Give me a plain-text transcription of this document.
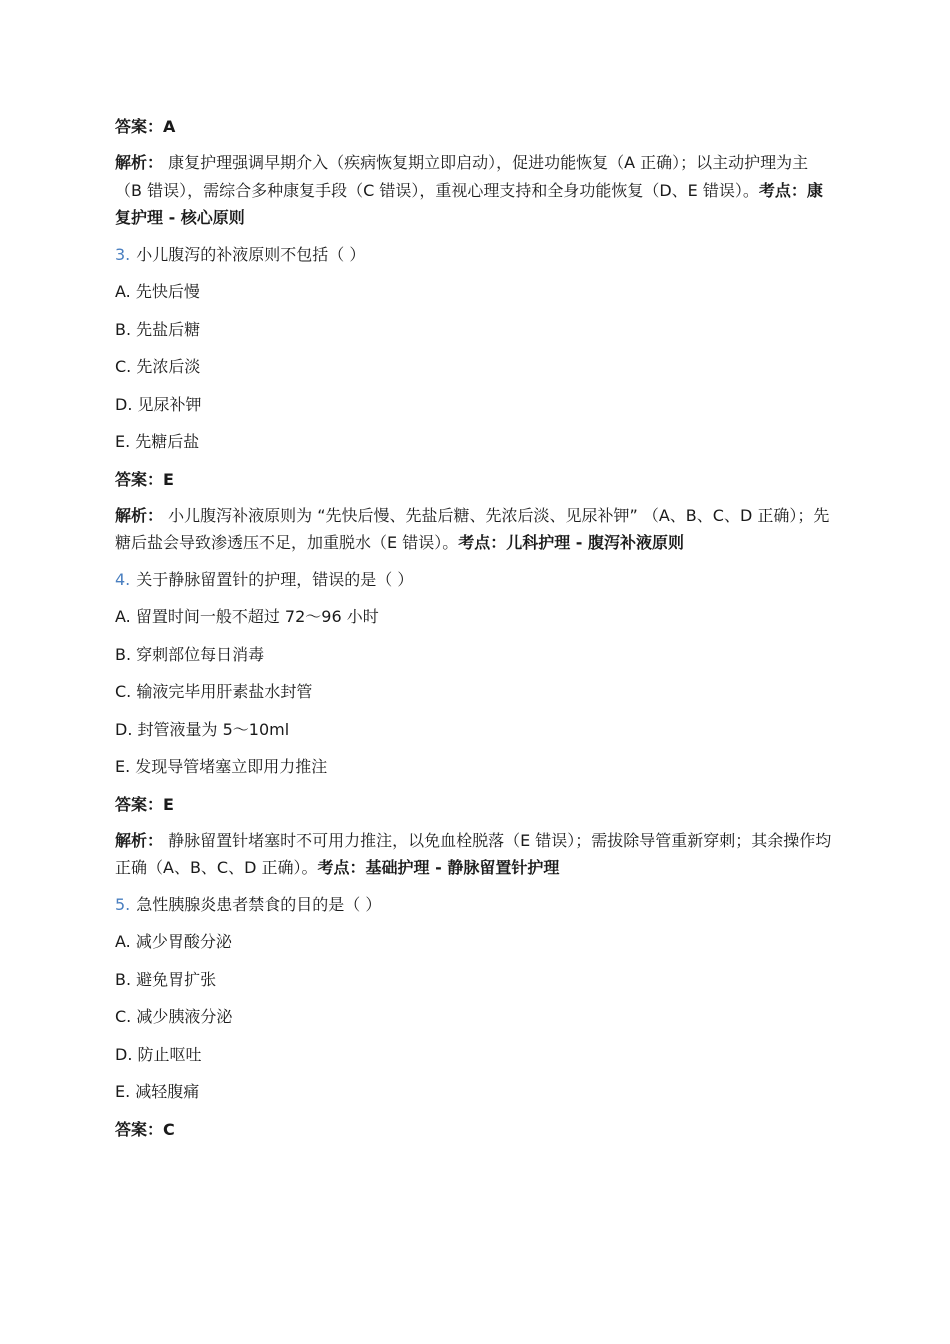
答案：A

解析： 康复护理强调早期介入（疾病恢复期立即启动），促进功能恢复（A 正确）；以主动护理为主（B 错误），需综合多种康复手段（C 错误），重视心理支持和全身功能恢复（D、E 错误）。考点：康复护理 - 核心原则

3. 小儿腹泻的补液原则不包括（ ）

A. 先快后慢

B. 先盐后糖

C. 先浓后淡

D. 见尿补钾

E. 先糖后盐

答案：E

解析： 小儿腹泻补液原则为 “先快后慢、先盐后糖、先浓后淡、见尿补钾” （A、B、C、D 正确）；先糖后盐会导致渗透压不足，加重脱水（E 错误）。考点：儿科护理 - 腹泻补液原则

4. 关于静脉留置针的护理，错误的是（ ）

A. 留置时间一般不超过 72～96 小时

B. 穿刺部位每日消毒

C. 输液完毕用肝素盐水封管

D. 封管液量为 5～10ml

E. 发现导管堵塞立即用力推注

答案：E

解析： 静脉留置针堵塞时不可用力推注，以免血栓脱落（E 错误）；需拔除导管重新穿刺；其余操作均正确（A、B、C、D 正确）。考点：基础护理 - 静脉留置针护理

5. 急性胰腺炎患者禁食的目的是（ ）

A. 减少胃酸分泌

B. 避免胃扩张

C. 减少胰液分泌

D. 防止呕吐

E. 减轻腹痛

答案：C
